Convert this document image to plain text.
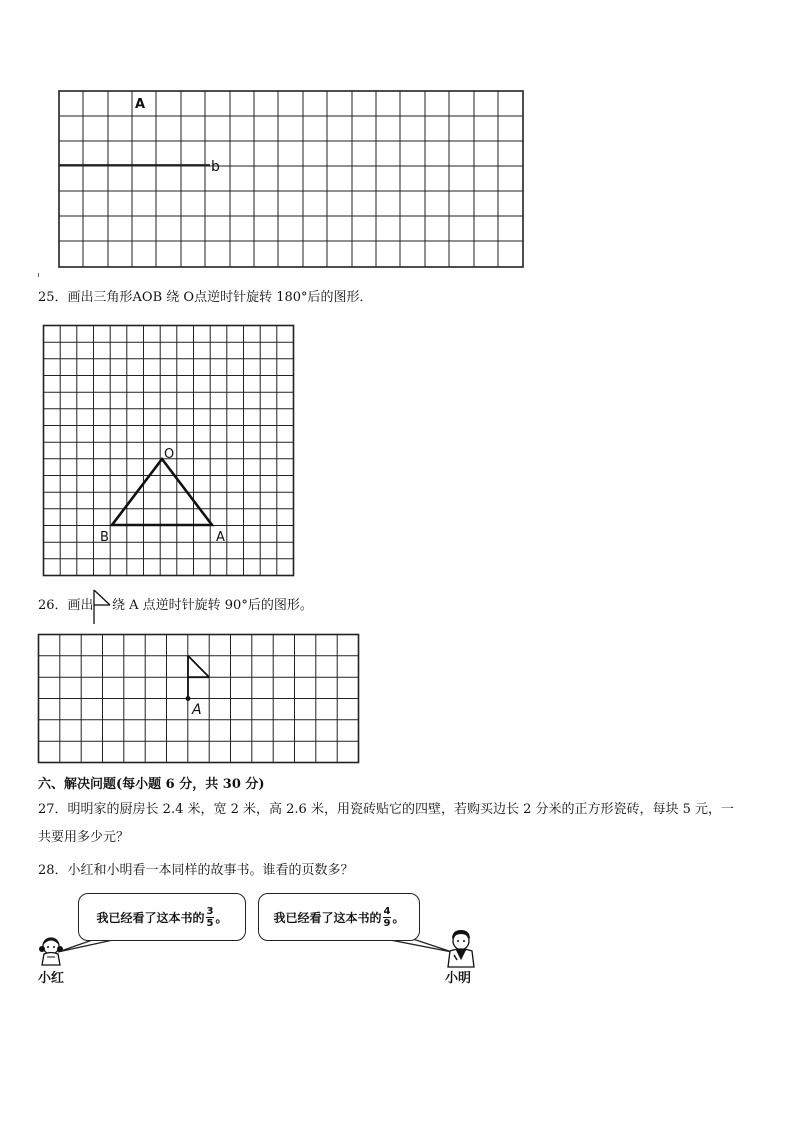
A
b
25．画出三角形AOB 绕 O点逆时针旋转 180°后的图形．
O
B	A
26．画出 绕 A 点逆时针旋转 90°后的图形。
A
六、解决问题(每小题 6 分，共 30 分)
27．明明家的厨房长 2.4 米，宽 2 米，高 2.6 米，用瓷砖贴它的四壁，若购买边长 2 分米的正方形瓷砖，每块 5 元，一
共要用多少元？
28．小红和小明看一本同样的故事书。谁看的页数多？
我已经看了这本书的 $\frac{3}{5}$ 。	我已经看了这本书的 $\frac{4}{9}$ 。
小红	小明
